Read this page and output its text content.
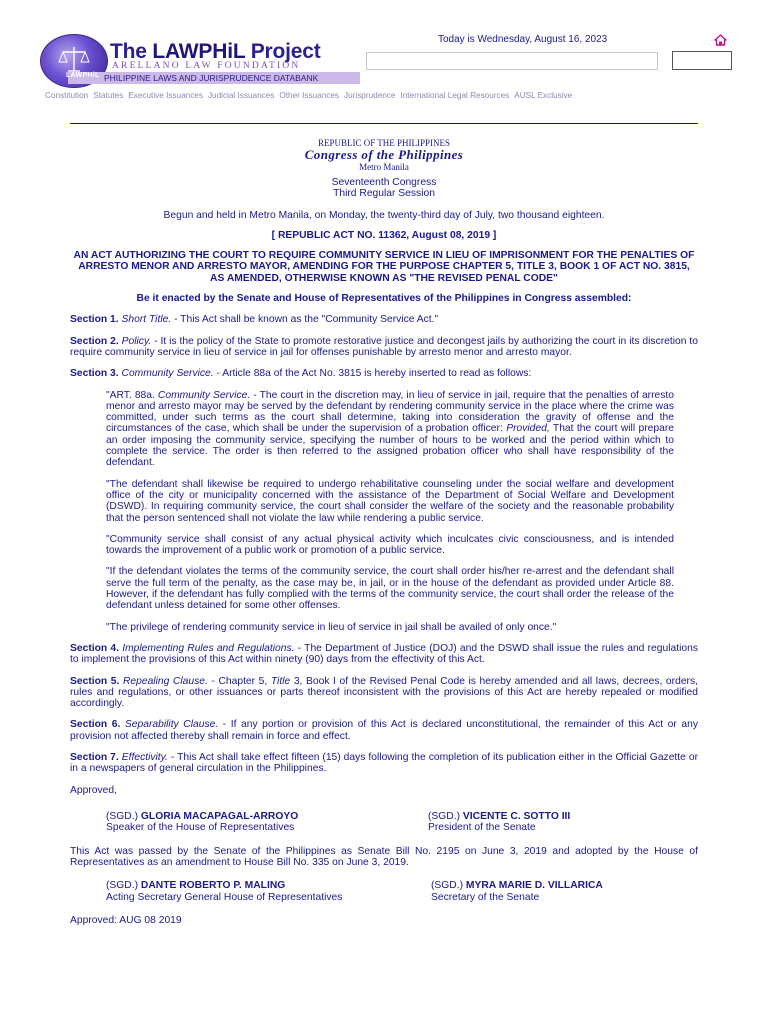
PHILIPPINE LAWS AND JURISPRUDENCE DATABANK
LAWPHiL
The LAWPHiL Project
ARELLANO LAW FOUNDATION
Today is Wednesday, August 16, 2023
Constitution Statutes Executive Issuances Judicial Issuances Other Issuances Jurisprudence International Legal Resources AUSL Exclusive
REPUBLIC OF THE PHILIPPINES
Congress of the Philippines
Metro Manila
Seventeenth Congress
Third Regular Session

Begun and held in Metro Manila, on Monday, the twenty-third day of July, two thousand eighteen.

[ REPUBLIC ACT NO. 11362, August 08, 2019 ]

AN ACT AUTHORIZING THE COURT TO REQUIRE COMMUNITY SERVICE IN LIEU OF IMPRISONMENT FOR THE PENALTIES OF ARRESTO MENOR AND ARRESTO MAYOR, AMENDING FOR THE PURPOSE CHAPTER 5, TITLE 3, BOOK 1 OF ACT NO. 3815, AS AMENDED, OTHERWISE KNOWN AS "THE REVISED PENAL CODE"

Be it enacted by the Senate and House of Representatives of the Philippines in Congress assembled:

Section 1. Short Title. - This Act shall be known as the "Community Service Act."

Section 2. Policy. - It is the policy of the State to promote restorative justice and decongest jails by authorizing the court in its discretion to require community service in lieu of service in jail for offenses punishable by arresto menor and arresto mayor.

Section 3. Community Service. - Article 88a of the Act No. 3815 is hereby inserted to read as follows:

"ART. 88a. Community Service. - The court in the discretion may, in lieu of service in jail, require that the penalties of arresto menor and arresto mayor may be served by the defendant by rendering community service in the place where the crime was committed, under such terms as the court shall determine, taking into consideration the gravity of offense and the circumstances of the case, which shall be under the supervision of a probation officer: Provided, That the court will prepare an order imposing the community service, specifying the number of hours to be worked and the period within which to complete the service. The order is then referred to the assigned probation officer who shall have responsibility of the defendant.

"The defendant shall likewise be required to undergo rehabilitative counseling under the social welfare and development office of the city or municipality concerned with the assistance of the Department of Social Welfare and Development (DSWD). In requiring community service, the court shall consider the welfare of the society and the reasonable probability that the person sentenced shall not violate the law while rendering a public service.

"Community service shall consist of any actual physical activity which inculcates civic consciousness, and is intended towards the improvement of a public work or promotion of a public service.

"If the defendant violates the terms of the community service, the court shall order his/her re-arrest and the defendant shall serve the full term of the penalty, as the case may be, in jail, or in the house of the defendant as provided under Article 88. However, if the defendant has fully complied with the terms of the community service, the court shall order the release of the defendant unless detained for some other offenses.

"The privilege of rendering community service in lieu of service in jail shall be availed of only once."

Section 4. Implementing Rules and Regulations. - The Department of Justice (DOJ) and the DSWD shall issue the rules and regulations to implement the provisions of this Act within ninety (90) days from the effectivity of this Act.

Section 5. Repealing Clause. - Chapter 5, Title 3, Book I of the Revised Penal Code is hereby amended and all laws, decrees, orders, rules and regulations, or other issuances or parts thereof inconsistent with the provisions of this Act are hereby repealed or modified accordingly.

Section 6. Separability Clause. - If any portion or provision of this Act is declared unconstitutional, the remainder of this Act or any provision not affected thereby shall remain in force and effect.

Section 7. Effectivity. - This Act shall take effect fifteen (15) days following the completion of its publication either in the Official Gazette or in a newspapers of general circulation in the Philippines.

Approved,

(SGD.) GLORIA MACAPAGAL-ARROYO
Speaker of the House of Representatives
(SGD.) VICENTE C. SOTTO III
President of the Senate

This Act was passed by the Senate of the Philippines as Senate Bill No. 2195 on June 3, 2019 and adopted by the House of Representatives as an amendment to House Bill No. 335 on June 3, 2019.

(SGD.) DANTE ROBERTO P. MALING
Acting Secretary General House of Representatives
(SGD.) MYRA MARIE D. VILLARICA
Secretary of the Senate

Approved: AUG 08 2019
